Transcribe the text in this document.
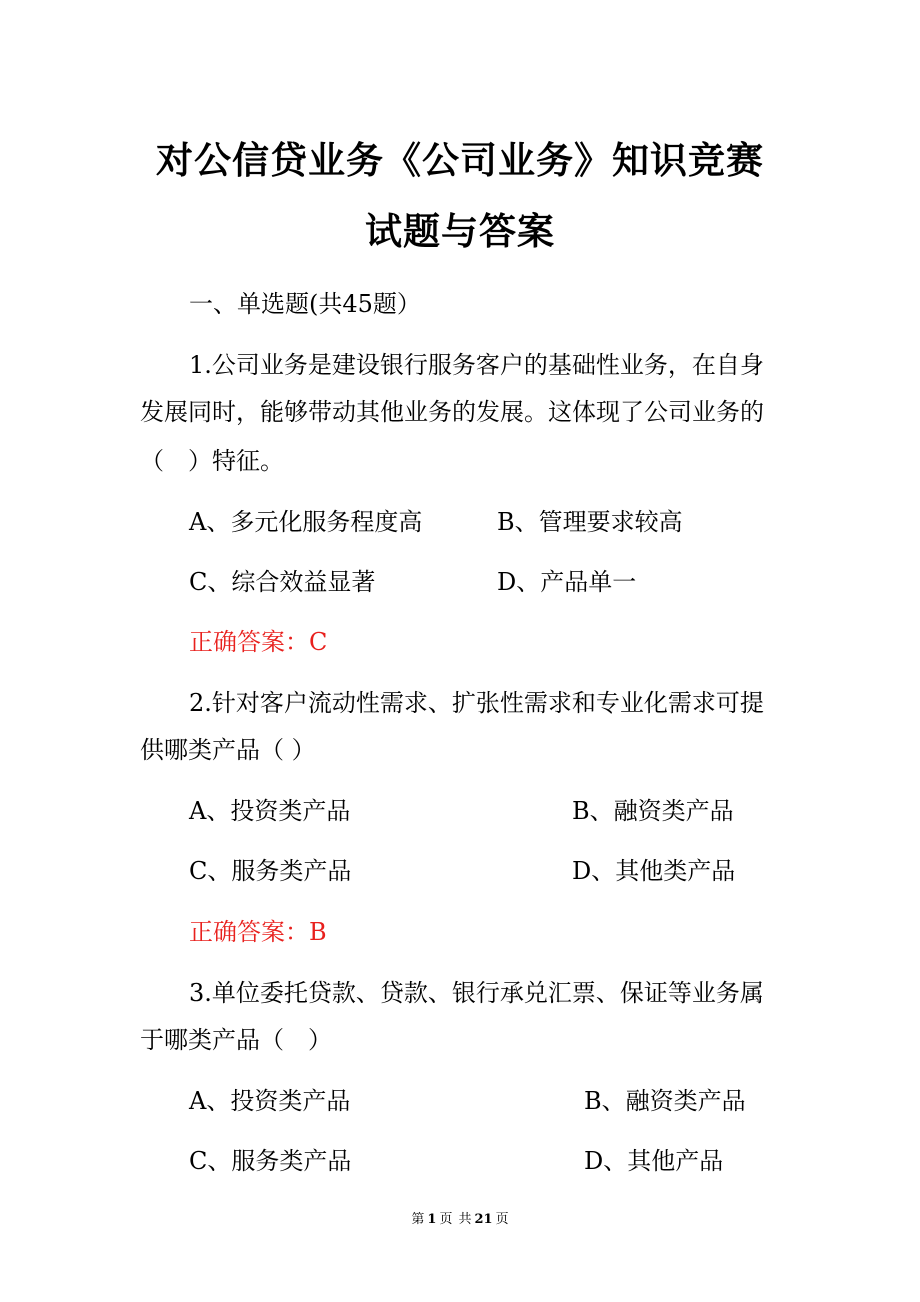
对公信贷业务《公司业务》知识竞赛
试题与答案
一、单选题(共45题）
1.公司业务是建设银行服务客户的基础性业务，在自身
发展同时，能够带动其他业务的发展。这体现了公司业务的
（　）特征。
A、多元化服务程度高	B、管理要求较高
C、综合效益显著	D、产品单一
正确答案：C
2.针对客户流动性需求、扩张性需求和专业化需求可提
供哪类产品（ ）
A、投资类产品	B、融资类产品
C、服务类产品	D、其他类产品
正确答案：B
3.单位委托贷款、贷款、银行承兑汇票、保证等业务属
于哪类产品（　）
A、投资类产品	B、融资类产品
C、服务类产品	D、其他产品
第 1 页 共 21 页
